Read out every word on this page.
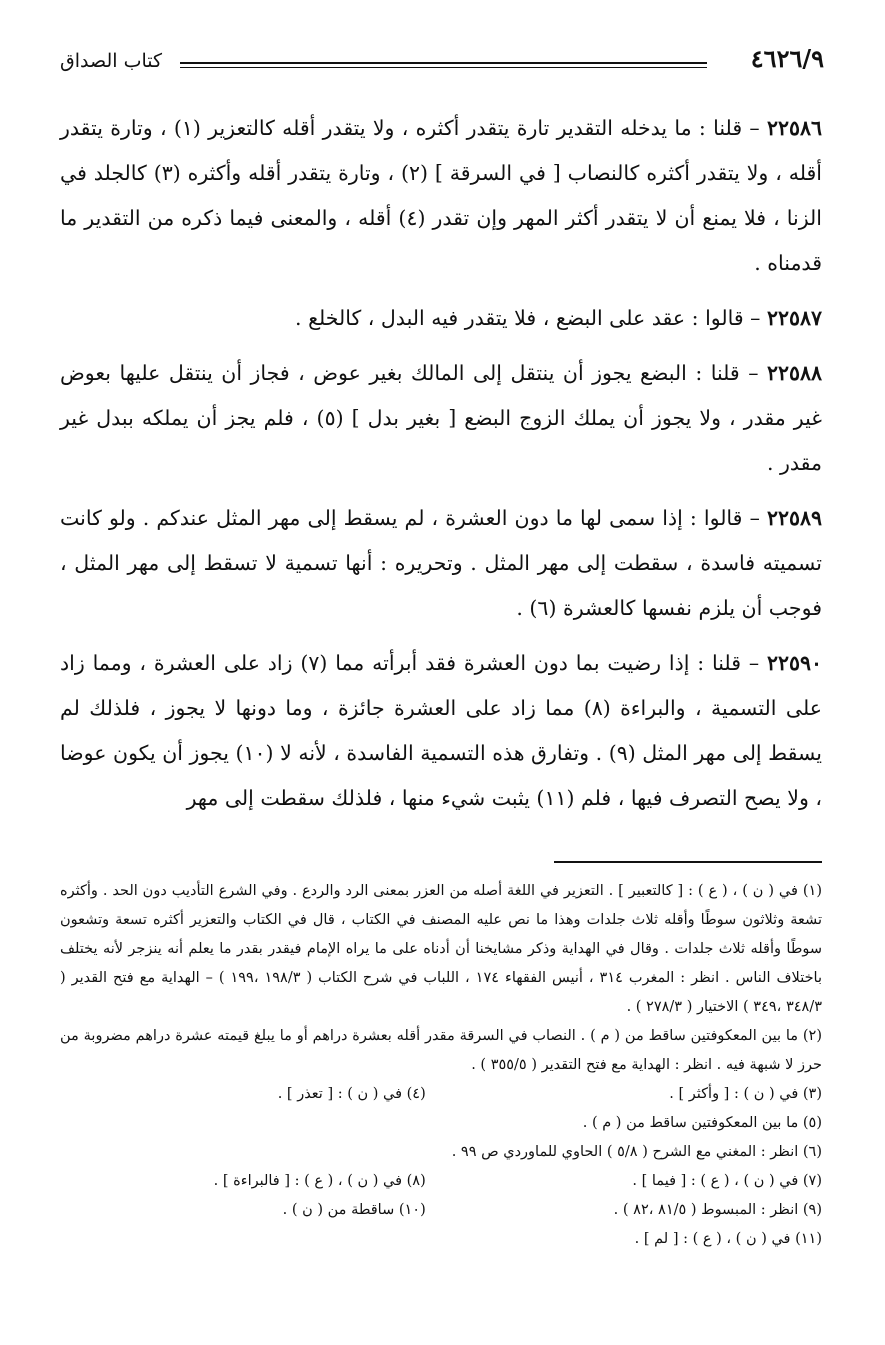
٤٦٢٦/٩
كتاب الصداق

٢٢٥٨٦ – قلنا : ما يدخله التقدير تارة يتقدر أكثره ، ولا يتقدر أقله كالتعزير (١) ، وتارة يتقدر أقله ، ولا يتقدر أكثره كالنصاب [ في السرقة ] (٢) ، وتارة يتقدر أقله وأكثره (٣) كالجلد في الزنا ، فلا يمنع أن لا يتقدر أكثر المهر وإن تقدر (٤) أقله ، والمعنى فيما ذكره من التقدير ما قدمناه .

٢٢٥٨٧ – قالوا : عقد على البضع ، فلا يتقدر فيه البدل ، كالخلع .

٢٢٥٨٨ – قلنا : البضع يجوز أن ينتقل إلى المالك بغير عوض ، فجاز أن ينتقل عليها بعوض غير مقدر ، ولا يجوز أن يملك الزوج البضع [ بغير بدل ] (٥) ، فلم يجز أن يملكه ببدل غير مقدر .

٢٢٥٨٩ – قالوا : إذا سمى لها ما دون العشرة ، لم يسقط إلى مهر المثل عندكم . ولو كانت تسميته فاسدة ، سقطت إلى مهر المثل . وتحريره : أنها تسمية لا تسقط إلى مهر المثل ، فوجب أن يلزم نفسها كالعشرة (٦) .

٢٢٥٩٠ – قلنا : إذا رضيت بما دون العشرة فقد أبرأته مما (٧) زاد على العشرة ، ومما زاد على التسمية ، والبراءة (٨) مما زاد على العشرة جائزة ، وما دونها لا يجوز ، فلذلك لم يسقط إلى مهر المثل (٩) . وتفارق هذه التسمية الفاسدة ، لأنه لا (١٠) يجوز أن يكون عوضا ، ولا يصح التصرف فيها ، فلم (١١) يثبت شيء منها ، فلذلك سقطت إلى مهر

(١) في ( ن ) ، ( ع ) : [ كالتعبير ] . التعزير في اللغة أصله من العزر بمعنى الرد والردع . وفي الشرع التأديب دون الحد . وأكثره تشعة وثلاثون سوطًا وأقله ثلاث جلدات وهذا ما نص عليه المصنف في الكتاب ، قال في الكتاب والتعزير أكثره تسعة وتشعون سوطًا وأقله ثلاث جلدات . وقال في الهداية وذكر مشايخنا أن أدناه على ما يراه الإمام فيقدر بقدر ما يعلم أنه ينزجر لأنه يختلف باختلاف الناس . انظر : المغرب ٣١٤ ، أنيس الفقهاء ١٧٤ ، اللباب في شرح الكتاب ( ١٩٨/٣ ،١٩٩ ) – الهداية مع فتح القدير ( ٣٤٨/٣ ،٣٤٩ ) الاختيار ( ٢٧٨/٣ ) .

(٢) ما بين المعكوفتين ساقط من ( م ) . النصاب في السرقة مقدر أقله بعشرة دراهم أو ما يبلغ قيمته عشرة دراهم مضروبة من حرز لا شبهة فيه . انظر : الهداية مع فتح التقدير ( ٣٥٥/٥ ) .

(٣) في ( ن ) : [ وأكثر ] .
(٤) في ( ن ) : [ تعذر ] .

(٥) ما بين المعكوفتين ساقط من ( م ) .

(٦) انظر : المغني مع الشرح ( ٥/٨ ) الحاوي للماوردي ص ٩٩ .

(٧) في ( ن ) ، ( ع ) : [ فيما ] .
(٨) في ( ن ) ، ( ع ) : [ فالبراءة ] .
(٩) انظر : المبسوط ( ٨١/٥ ،٨٢ ) .
(١٠) ساقطة من ( ن ) .

(١١) في ( ن ) ، ( ع ) : [ لم ] .
